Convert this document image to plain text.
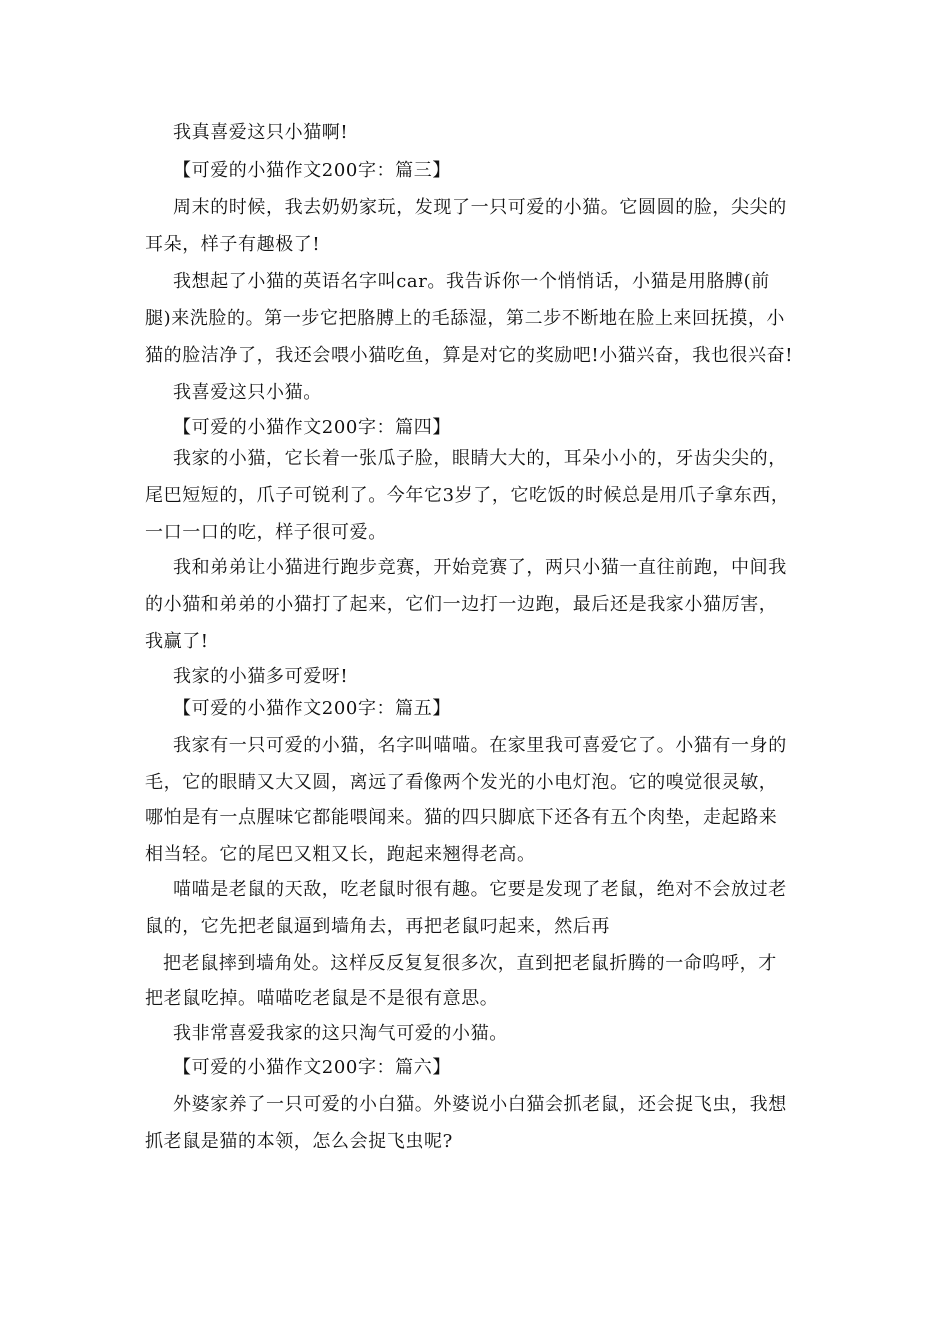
我真喜爱这只小猫啊!
【可爱的小猫作文200字：篇三】
周末的时候，我去奶奶家玩，发现了一只可爱的小猫。它圆圆的脸，尖尖的
耳朵，样子有趣极了!
我想起了小猫的英语名字叫car。我告诉你一个悄悄话，小猫是用胳膊(前
腿)来洗脸的。第一步它把胳膊上的毛舔湿，第二步不断地在脸上来回抚摸，小
猫的脸洁净了，我还会喂小猫吃鱼，算是对它的奖励吧!小猫兴奋，我也很兴奋!
我喜爱这只小猫。
【可爱的小猫作文200字：篇四】
我家的小猫，它长着一张瓜子脸，眼睛大大的，耳朵小小的，牙齿尖尖的，
尾巴短短的，爪子可锐利了。今年它3岁了，它吃饭的时候总是用爪子拿东西，
一口一口的吃，样子很可爱。
我和弟弟让小猫进行跑步竞赛，开始竞赛了，两只小猫一直往前跑，中间我
的小猫和弟弟的小猫打了起来，它们一边打一边跑，最后还是我家小猫厉害，
我赢了!
我家的小猫多可爱呀!
【可爱的小猫作文200字：篇五】
我家有一只可爱的小猫，名字叫喵喵。在家里我可喜爱它了。小猫有一身的
毛，它的眼睛又大又圆，离远了看像两个发光的小电灯泡。它的嗅觉很灵敏，
哪怕是有一点腥味它都能喂闻来。猫的四只脚底下还各有五个肉垫，走起路来
相当轻。它的尾巴又粗又长，跑起来翘得老高。
喵喵是老鼠的天敌，吃老鼠时很有趣。它要是发现了老鼠，绝对不会放过老
鼠的，它先把老鼠逼到墙角去，再把老鼠叼起来，然后再
把老鼠摔到墙角处。这样反反复复很多次，直到把老鼠折腾的一命呜呼，才
把老鼠吃掉。喵喵吃老鼠是不是很有意思。
我非常喜爱我家的这只淘气可爱的小猫。
【可爱的小猫作文200字：篇六】
外婆家养了一只可爱的小白猫。外婆说小白猫会抓老鼠，还会捉飞虫，我想
抓老鼠是猫的本领，怎么会捉飞虫呢?
